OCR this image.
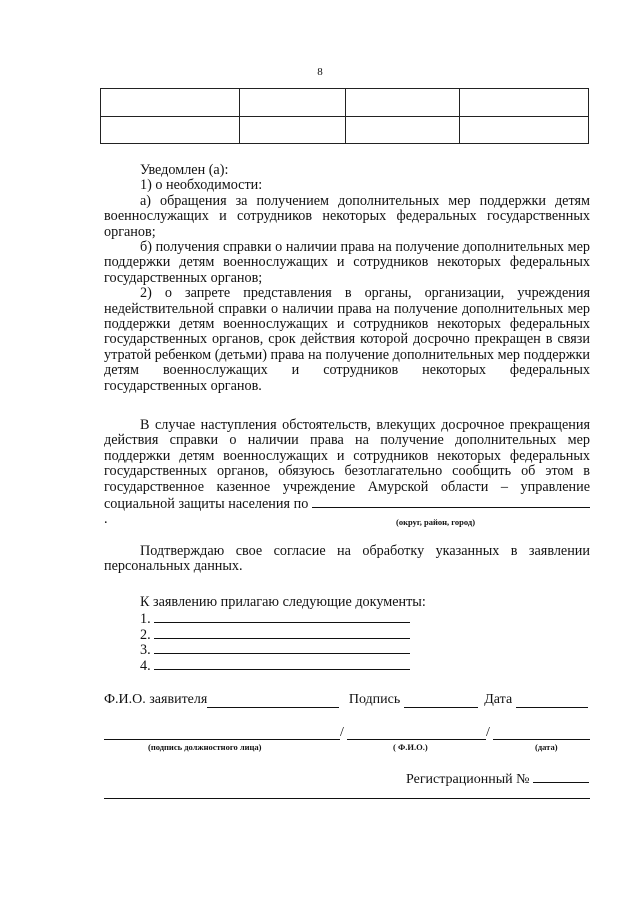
8

Уведомлен (а):

1) о необходимости:

а) обращения за получением дополнительных мер поддержки детям военнослужащих и сотрудников некоторых федеральных государственных органов;

б) получения справки о наличии права на получение дополнительных мер поддержки детям военнослужащих и сотрудников некоторых федеральных государственных органов;

2) о запрете представления в органы, организации, учреждения недействительной справки о наличии права на получение дополнительных мер поддержки детям военнослужащих и сотрудников некоторых федеральных государственных органов, срок действия которой досрочно прекращен в связи утратой ребенком (детьми) права на получение дополнительных мер поддержки детям военнослужащих и сотрудников некоторых федеральных государственных органов.

В случае наступления обстоятельств, влекущих досрочное прекращения действия справки о наличии права на получение дополнительных мер поддержки детям военнослужащих и сотрудников некоторых федеральных государственных органов, обязуюсь безотлагательно сообщить об этом в государственное казенное учреждение Амурской области – управление социальной защиты населения по .	(округ, район, город)

Подтверждаю свое согласие на обработку указанных в заявлении персональных данных.

К заявлению прилагаю следующие документы:

1.
2.
3.
4.
Ф.И.О. заявителя	Подпись	Дата
/	/
(подпись должностного лица)	( Ф.И.О.)	(дата)
Регистрационный №
